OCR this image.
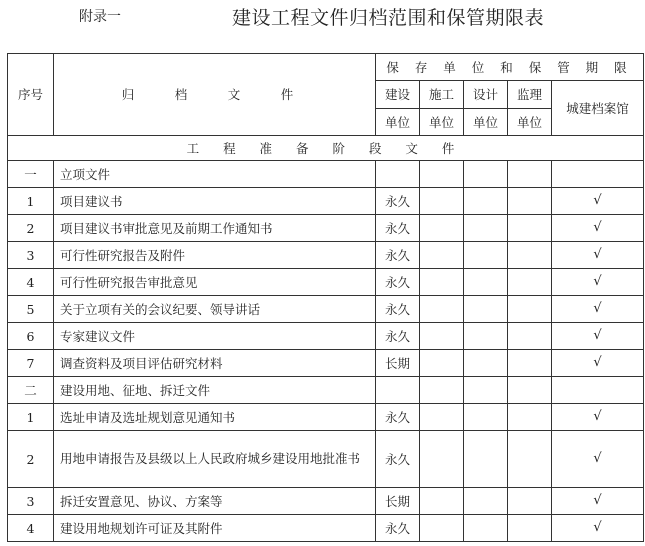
附录一	建设工程文件归档范围和保管期限表
序号	归　档　文　件	保 存 单 位 和 保 管 期 限				
		建设	施工	设计	监理	城建档案馆
		单位	单位	单位	单位	
工 程 准 备 阶 段 文 件						
一	立项文件					
1	项目建议书	永久				√
2	项目建议书审批意见及前期工作通知书	永久				√
3	可行性研究报告及附件	永久				√
4	可行性研究报告审批意见	永久				√
5	关于立项有关的会议纪要、领导讲话	永久				√
6	专家建议文件	永久				√
7	调查资料及项目评估研究材料	长期				√
二	建设用地、征地、拆迁文件					
1	选址申请及选址规划意见通知书	永久				√
2	用地申请报告及县级以上人民政府城乡建设用地批准书	永久				√
3	拆迁安置意见、协议、方案等	长期				√
4	建设用地规划许可证及其附件	永久				√
